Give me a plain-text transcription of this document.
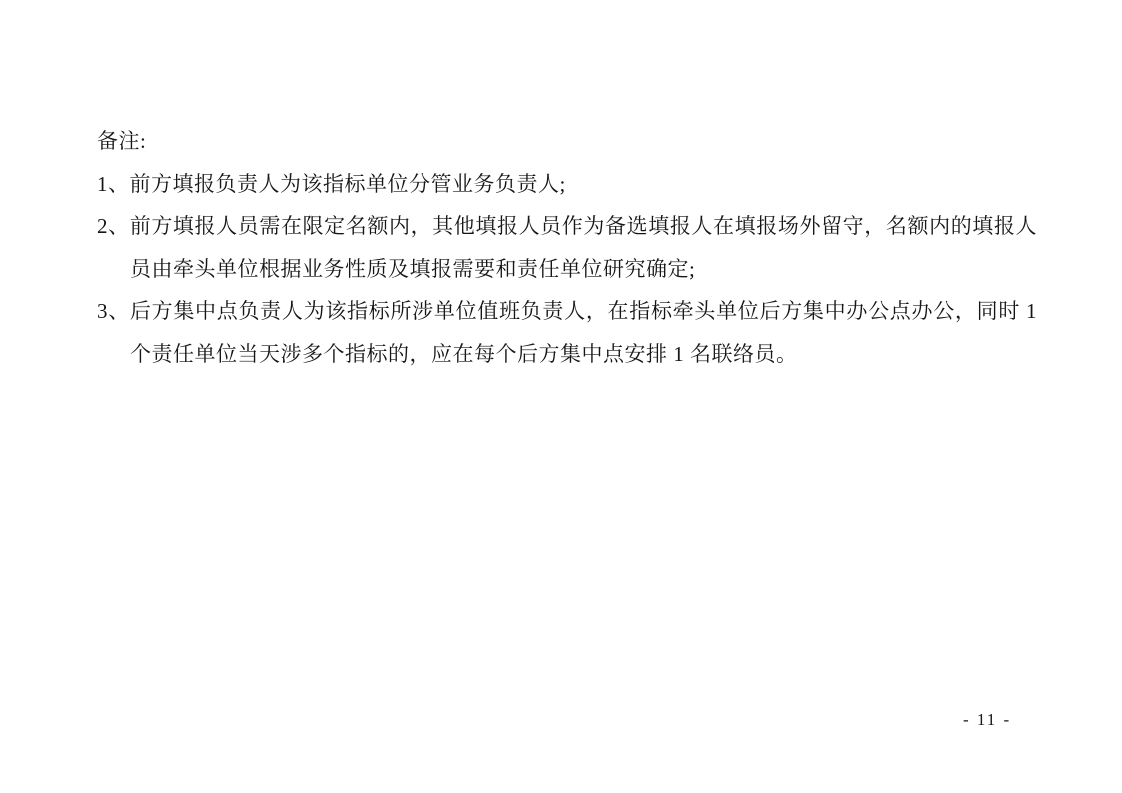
备注:

1、前方填报负责人为该指标单位分管业务负责人;

2、前方填报人员需在限定名额内，其他填报人员作为备选填报人在填报场外留守，名额内的填报人员由牵头单位根据业务性质及填报需要和责任单位研究确定;

3、后方集中点负责人为该指标所涉单位值班负责人，在指标牵头单位后方集中办公点办公，同时 1 个责任单位当天涉多个指标的，应在每个后方集中点安排 1 名联络员。

- 11 -
